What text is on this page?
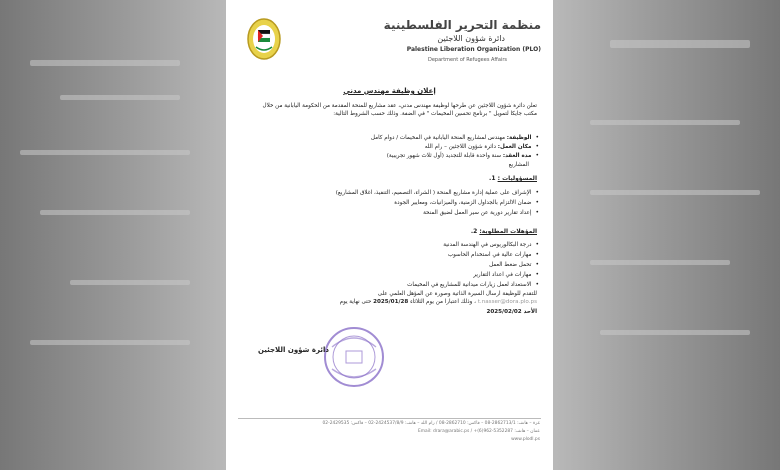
منظمة التحرير الفلسطينية
دائرة شؤون اللاجئين
Palestine Liberation Organization (PLO)
Department of Refugees Affairs
إعلان وظيفة مهندس مدني
تعلن دائرة شؤون اللاجئين عن طرحها لوظيفة مهندس مدني، عقد مشاريع للمنحة المقدمة من الحكومة اليابانية من خلال مكتب جايكا لتمويل " برنامج تحسين المخيمات " في الضفة. وذلك حسب الشروط التالية:
•الوظيفة: مهندس لمشاريع المنحة اليابانية في المخيمات / دوام كامل
•مكان العمل: دائرة شؤون اللاجئين – رام الله
•مدة العقد: سنة واحدة قابلة للتجديد (أول ثلاث شهور تجريبية)
المشاريع
المسؤوليات : 1.
•الإشراف على عملية إدارة مشاريع المنحة ( الشراء، التصميم، التنفيذ، اغلاق المشاريع)
•ضمان الالتزام بالجداول الزمنية، والميزانيات، ومعايير الجودة
•إعداد تقارير دورية عن سير العمل لضيق المنحة
المؤهلات المطلوبة: 2.
•درجة البكالوريوس في الهندسة المدنية
•مهارات عالية في استخدام الحاسوب
•تحمل ضغط العمل
•مهارات في اعداد التقارير
•الاستعداد لعمل زيارات ميدانية للمشاريع في المخيمات
للتقدم للوظيفة ارسال السيرة الذاتية وصورة عن المؤهل العلمي على
t.nasser@dora.plo.ps ، وذلك اعتبارا من يوم الثلاثاء 2025/01/28 حتى نهاية يوم
الأحد 2025/02/02
دائرة شؤون اللاجئين
غزة – هاتف: 2862713/1-08 – فاكس: 2862710-08 / رام الله – هاتف: 2424537/8/9-02 – فاكس: 2429535-02
عمان – هاتف: 5352287-962(6)+ / Email: drara@arabic.ps
www.plodl.ps
